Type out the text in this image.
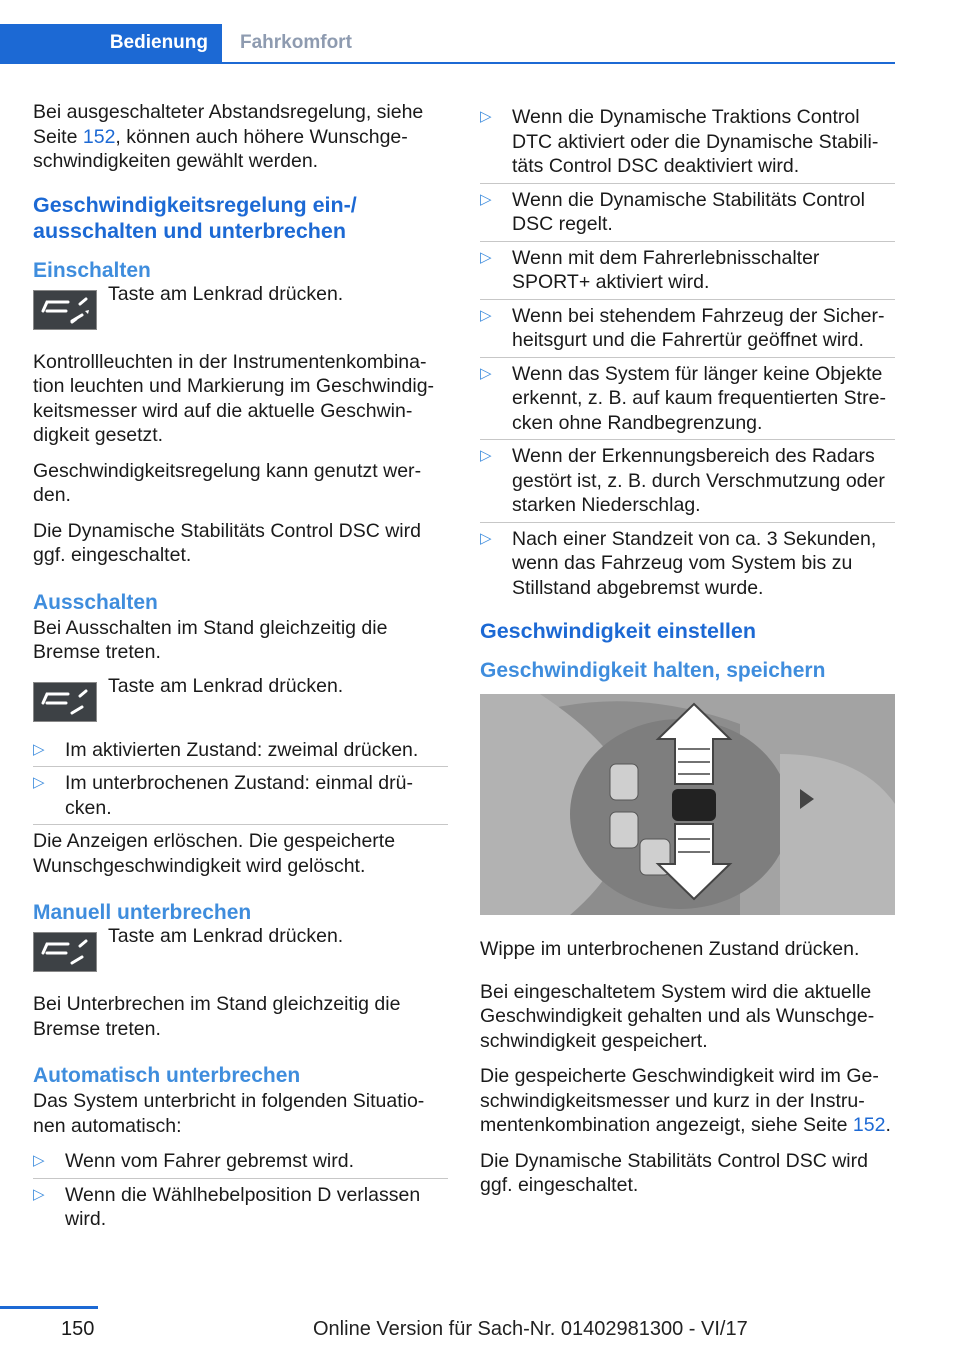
Bedienung	Fahrkomfort

Bei ausgeschalteter Abstandsregelung, siehe Seite 152, können auch höhere Wunschgeschwindigkeiten gewählt werden.

Geschwindigkeitsregelung ein-/ ausschalten und unterbrechen
Einschalten
Taste am Lenkrad drücken.

Kontrollleuchten in der Instrumentenkombination leuchten und Markierung im Geschwindigkeitsmesser wird auf die aktuelle Geschwindigkeit gesetzt.

Geschwindigkeitsregelung kann genutzt werden.

Die Dynamische Stabilitäts Control DSC wird ggf. eingeschaltet.

Ausschalten

Bei Ausschalten im Stand gleichzeitig die Bremse treten.

Taste am Lenkrad drücken.
▷ Im aktivierten Zustand: zweimal drücken.
▷ Im unterbrochenen Zustand: einmal drücken.

Die Anzeigen erlöschen. Die gespeicherte Wunschgeschwindigkeit wird gelöscht.

Manuell unterbrechen
Taste am Lenkrad drücken.

Bei Unterbrechen im Stand gleichzeitig die Bremse treten.

Automatisch unterbrechen

Das System unterbricht in folgenden Situationen automatisch:

▷ Wenn vom Fahrer gebremst wird.
▷ Wenn die Wählhebelposition D verlassen wird.
▷ Wenn die Dynamische Traktions Control DTC aktiviert oder die Dynamische Stabilitäts Control DSC deaktiviert wird.
▷ Wenn die Dynamische Stabilitäts Control DSC regelt.
▷ Wenn mit dem Fahrerlebnisschalter SPORT+ aktiviert wird.
▷ Wenn bei stehendem Fahrzeug der Sicherheitsgurt und die Fahrertür geöffnet wird.
▷ Wenn das System für länger keine Objekte erkennt, z. B. auf kaum frequentierten Strecken ohne Randbegrenzung.
▷ Wenn der Erkennungsbereich des Radars gestört ist, z. B. durch Verschmutzung oder starken Niederschlag.
▷ Nach einer Standzeit von ca. 3 Sekunden, wenn das Fahrzeug vom System bis zu Stillstand abgebremst wurde.
Geschwindigkeit einstellen
Geschwindigkeit halten, speichern

Wippe im unterbrochenen Zustand drücken.

Bei eingeschaltetem System wird die aktuelle Geschwindigkeit gehalten und als Wunschgeschwindigkeit gespeichert.

Die gespeicherte Geschwindigkeit wird im Geschwindigkeitsmesser und kurz in der Instrumentenkombination angezeigt, siehe Seite 152.

Die Dynamische Stabilitäts Control DSC wird ggf. eingeschaltet.

150	Online Version für Sach-Nr. 01402981300 - VI/17
